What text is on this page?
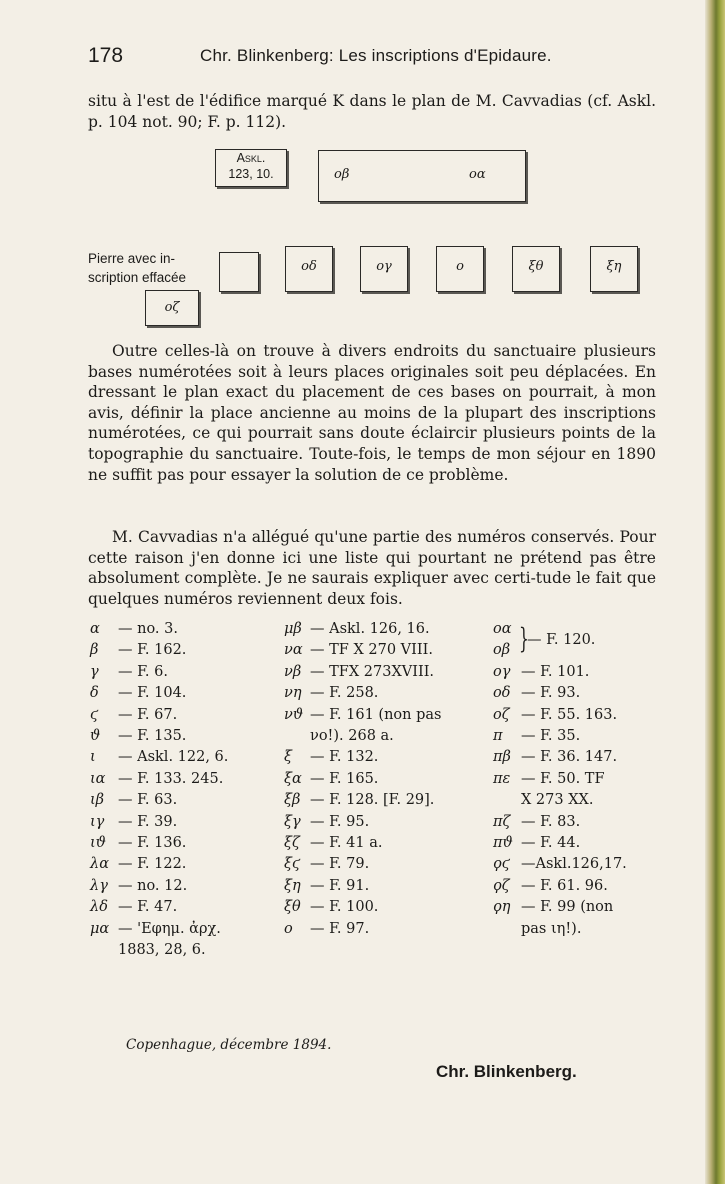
178	Chr. Blinkenberg: Les inscriptions d'Epidaure.

situ à l'est de l'édifice marqué K dans le plan de M. Cavvadias (cf. Askl. p. 104 not. 90; F. p. 112).

Askl.
123, 10.	οβ	οα
Pierre avec in-
scription effacée
οδ	ογ	ο	ξθ	ξη
οζ

Outre celles-là on trouve à divers endroits du sanctuaire plusieurs bases numérotées soit à leurs places originales soit peu déplacées. En dressant le plan exact du placement de ces bases on pourrait, à mon avis, définir la place ancienne au moins de la plupart des inscriptions numérotées, ce qui pourrait sans doute éclaircir plusieurs points de la topographie du sanctuaire. Toute-fois, le temps de mon séjour en 1890 ne suffit pas pour essayer la solution de ce problème.

M. Cavvadias n'a allégué qu'une partie des numéros conservés. Pour cette raison j'en donne ici une liste qui pourtant ne prétend pas être absolument complète. Je ne saurais expliquer avec certi-tude le fait que quelques numéros reviennent deux fois.

α — no. 3.
β — F. 162.
γ — F. 6.
δ — F. 104.
ϛ — F. 67.
ϑ — F. 135.
ι — Askl. 122, 6.
ια — F. 133. 245.
ιβ — F. 63.
ιγ — F. 39.
ιϑ — F. 136.
λα — F. 122.
λγ — no. 12.
λδ — F. 47.
μα — 'Εφημ. ἀρχ.
1883, 28, 6.
μβ — Askl. 126, 16.
να — TF X 270 VIII.
νβ — TFX 273XVIII.
νη — F. 258.
νϑ — F. 161 (non pas
νο!). 268 a.
ξ — F. 132.
ξα — F. 165.
ξβ — F. 128. [F. 29].
ξγ — F. 95.
ξζ — F. 41 a.
ξϛ — F. 79.
ξη — F. 91.
ξθ — F. 100.
ο — F. 97.
οα
οβ }
— F. 120.
ογ — F. 101.
οδ — F. 93.
οζ — F. 55. 163.
π — F. 35.
πβ — F. 36. 147.
πε — F. 50. TF
X 273 XX.
πζ — F. 83.
πϑ — F. 44.
ϙϛ —Askl.126,17.
ϙζ — F. 61. 96.
ϙη — F. 99 (non
pas ιη!).
Copenhague, décembre 1894.
Chr. Blinkenberg.
